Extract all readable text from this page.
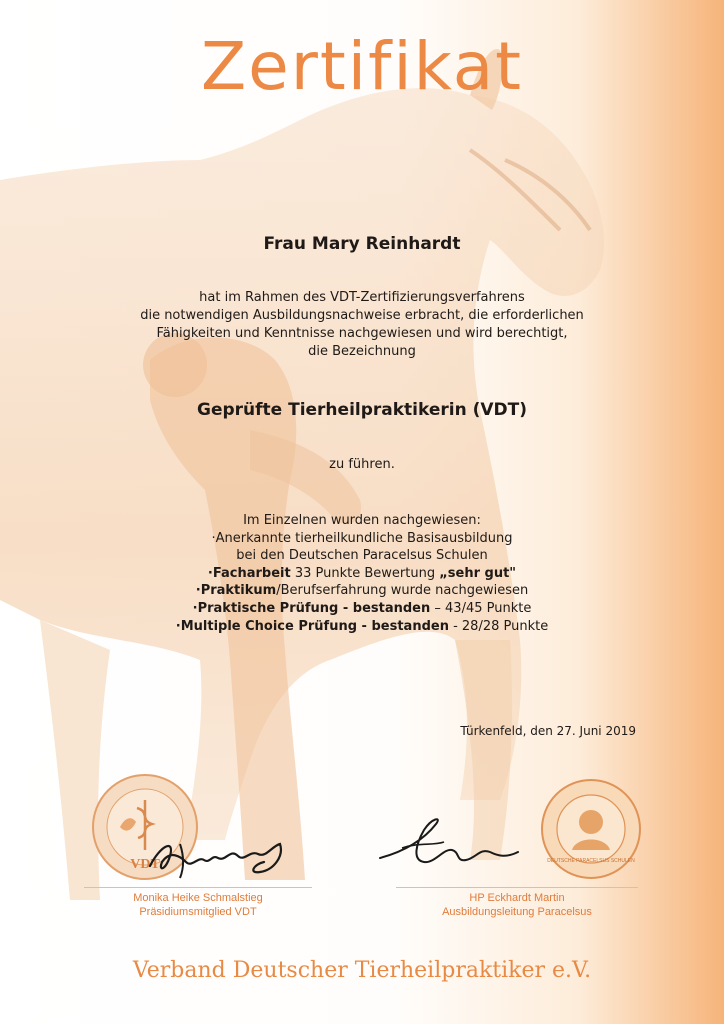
Zertifikat
Frau Mary Reinhardt
hat im Rahmen des VDT-Zertifizierungsverfahrens
die notwendigen Ausbildungsnachweise erbracht, die erforderlichen
Fähigkeiten und Kenntnisse nachgewiesen und wird berechtigt,
die Bezeichnung
Geprüfte Tierheilpraktikerin (VDT)
zu führen.
Im Einzelnen wurden nachgewiesen:
·Anerkannte tierheilkundliche Basisausbildung
bei den Deutschen Paracelsus Schulen
·Facharbeit 33 Punkte Bewertung „sehr gut"
·Praktikum/Berufserfahrung wurde nachgewiesen
·Praktische Prüfung - bestanden – 43/45 Punkte
·Multiple Choice Prüfung - bestanden - 28/28 Punkte
Türkenfeld, den 27. Juni 2019
VDT	DEUTSCHE PARACELSUS SCHULEN
Monika Heike Schmalstieg
Präsidiumsmitglied VDT
HP Eckhardt Martin
Ausbildungsleitung Paracelsus
Verband Deutscher Tierheilpraktiker e.V.
